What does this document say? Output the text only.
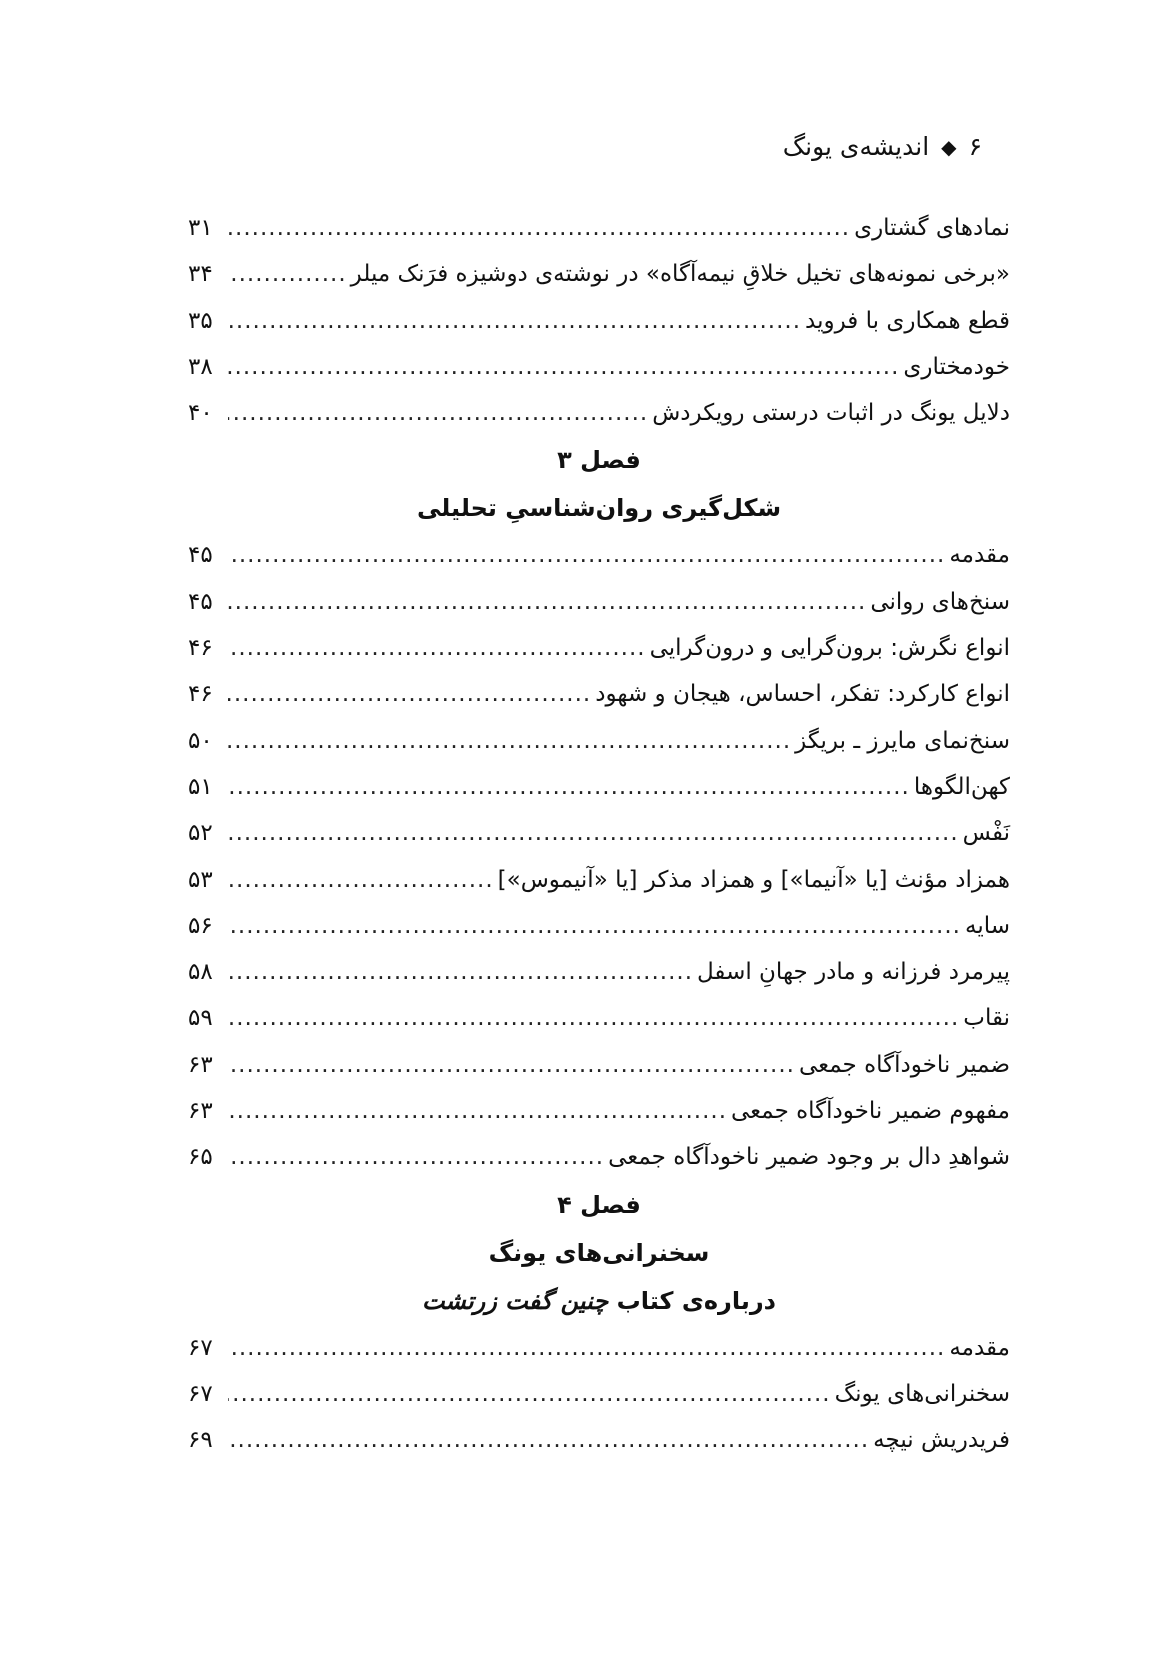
۶
◆
اندیشه‌ی یونگ
نمادهای گشتاری
.....
۳۱
«برخی نمونه‌های تخیل خلاقِ نیمه‌آگاه» در نوشته‌ی دوشیزه فرَنک میلر
.....
۳۴
قطع همکاری با فروید
.....
۳۵
خودمختاری
.....
۳۸
دلایل یونگ در اثبات درستی رویکردش
.....
۴۰
فصل ۳
شکل‌گیری روان‌شناسیِ تحلیلی
مقدمه
.....
۴۵
سنخ‌های روانی
.....
۴۵
انواع نگرش: برون‌گرایی و درون‌گرایی
.....
۴۶
انواع کارکرد: تفکر، احساس، هیجان و شهود
.....
۴۶
سنخ‌نمای مایرز ـ بریگز
.....
۵۰
کهن‌الگوها
.....
۵۱
نَفْس
.....
۵۲
همزاد مؤنث [یا «آنیما»] و همزاد مذکر [یا «آنیموس»]
.....
۵۳
سایه
.....
۵۶
پیرمرد فرزانه و مادر جهانِ اسفل
.....
۵۸
نقاب
.....
۵۹
ضمیر ناخودآگاه جمعی
.....
۶۳
مفهوم ضمیر ناخودآگاه جمعی
.....
۶۳
شواهدِ دال بر وجود ضمیر ناخودآگاه جمعی
.....
۶۵
فصل ۴
سخنرانی‌های یونگ
درباره‌ی کتاب چنین گفت زرتشت
مقدمه
.....
۶۷
سخنرانی‌های یونگ
.....
۶۷
فریدریش نیچه
.....
۶۹
